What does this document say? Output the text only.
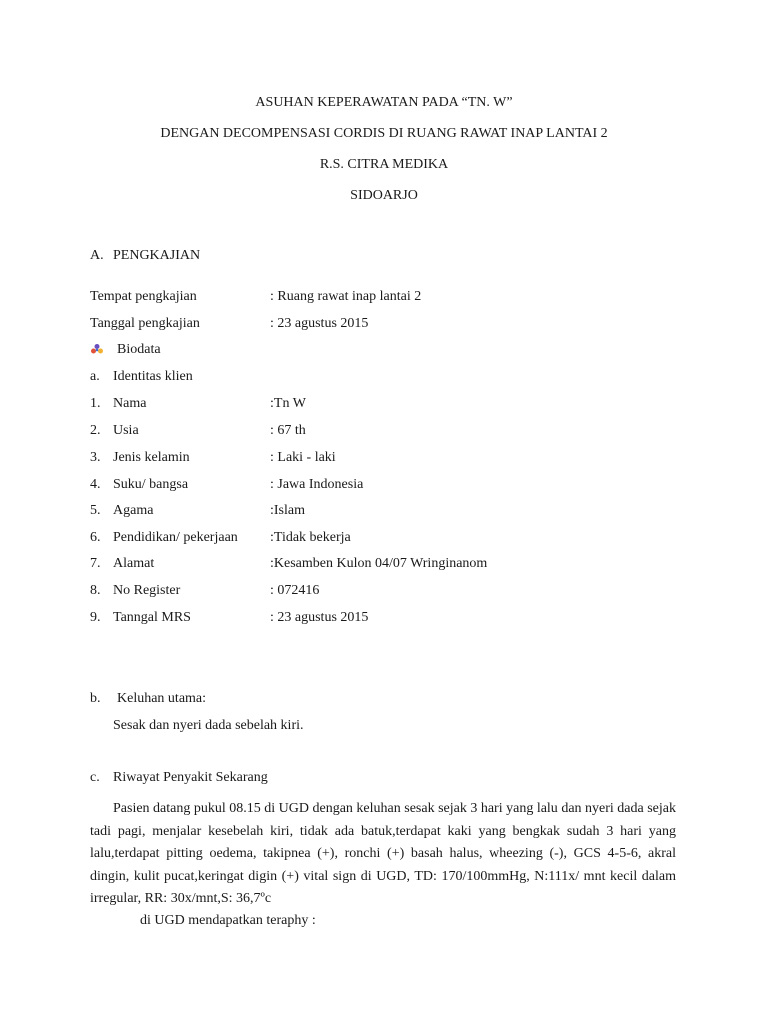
ASUHAN KEPERAWATAN PADA “TN. W”
DENGAN DECOMPENSASI CORDIS DI RUANG RAWAT INAP LANTAI 2
R.S. CITRA MEDIKA
SIDOARJO
A. PENGKAJIAN
Tempat pengkajian	: Ruang rawat inap lantai 2
Tanggal pengkajian	: 23 agustus 2015
Biodata
a. Identitas klien
1. Nama	:Tn W
2. Usia	: 67 th
3. Jenis kelamin	: Laki - laki
4. Suku/ bangsa	: Jawa Indonesia
5. Agama	:Islam
6. Pendidikan/ pekerjaan :Tidak bekerja
7. Alamat	:Kesamben Kulon 04/07 Wringinanom
8. No Register	: 072416
9. Tanngal MRS	: 23 agustus 2015
b. Keluhan utama:
Sesak dan nyeri dada sebelah kiri.
c. Riwayat Penyakit Sekarang
Pasien datang pukul 08.15 di UGD dengan keluhan sesak sejak 3 hari yang lalu dan nyeri dada sejak tadi pagi, menjalar kesebelah kiri, tidak ada batuk,terdapat kaki yang bengkak sudah 3 hari yang lalu,terdapat pitting oedema, takipnea (+), ronchi (+) basah halus, wheezing (-), GCS 4-5-6, akral dingin, kulit pucat,keringat digin (+) vital sign di UGD, TD: 170/100mmHg, N:111x/ mnt kecil dalam irregular, RR: 30x/mnt,S: 36,7ºc
di UGD mendapatkan teraphy :
